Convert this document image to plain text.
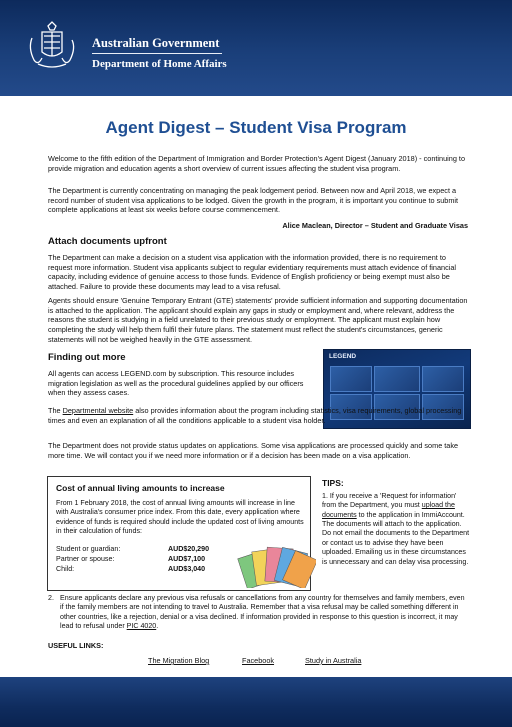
Australian Government
Department of Home Affairs
Agent Digest – Student Visa Program
Welcome to the fifth edition of the Department of Immigration and Border Protection's Agent Digest (January 2018) - continuing to provide migration and education agents a short overview of current issues affecting the student visa program.
The Department is currently concentrating on managing the peak lodgement period. Between now and April 2018, we expect a record number of student visa applications to be lodged. Given the growth in the program, it is important you continue to submit complete applications at least six weeks before course commencement.
Alice Maclean, Director – Student and Graduate Visas
Attach documents upfront
The Department can make a decision on a student visa application with the information provided, there is no requirement to request more information. Student visa applicants subject to regular evidentiary requirements must attach evidence of financial capacity, including evidence of genuine access to those funds. Evidence of English proficiency or being exempt must also be attached. Failure to provide these documents may lead to a visa refusal.
Agents should ensure 'Genuine Temporary Entrant (GTE) statements' provide sufficient information and supporting documentation is attached to the application. The applicant should explain any gaps in study or employment and, where relevant, address the reasons the student is studying in a field unrelated to their previous study or employment. The applicant must explain how completing the study will help them fulfil their future plans. The statement must reflect the student's circumstances, generic statements will not be weighed heavily in the GTE assessment.
Finding out more
All agents can access LEGEND.com by subscription. This resource includes migration legislation as well as the procedural guidelines applied by our officers when they assess cases.
LEGEND
The Departmental website also provides information about the program including statistics, visa requirements, global processing times and even an explanation of all the conditions applicable to a student visa holder.
The Department does not provide status updates on applications. Some visa applications are processed quickly and some take more time. We will contact you if we need more information or if a decision has been made on a visa application.
Cost of annual living amounts to increase
From 1 February 2018, the cost of annual living amounts will increase in line with Australia's consumer price index. From this date, every application where evidence of funds is required should include the updated cost of living amounts in their calculation of funds:
Student or guardian:	AUD$20,290
Partner or spouse:	AUD$7,100
Child:	AUD$3,040
TIPS:
1. If you receive a 'Request for information' from the Department, you must upload the documents to the application in ImmiAccount. The documents will attach to the application. Do not email the documents to the Department or contact us to advise they have been uploaded. Emailing us in these circumstances is unnecessary and can delay visa processing.
2. Ensure applicants declare any previous visa refusals or cancellations from any country for themselves and family members, even if the family members are not intending to travel to Australia. Remember that a visa refusal may be called something different in other countries, like a rejection, denial or a visa declined. If information provided in response to this question is incorrect, it may lead to refusal under PIC 4020.
USEFUL LINKS:
The Migration Blog	Facebook	Study in Australia
